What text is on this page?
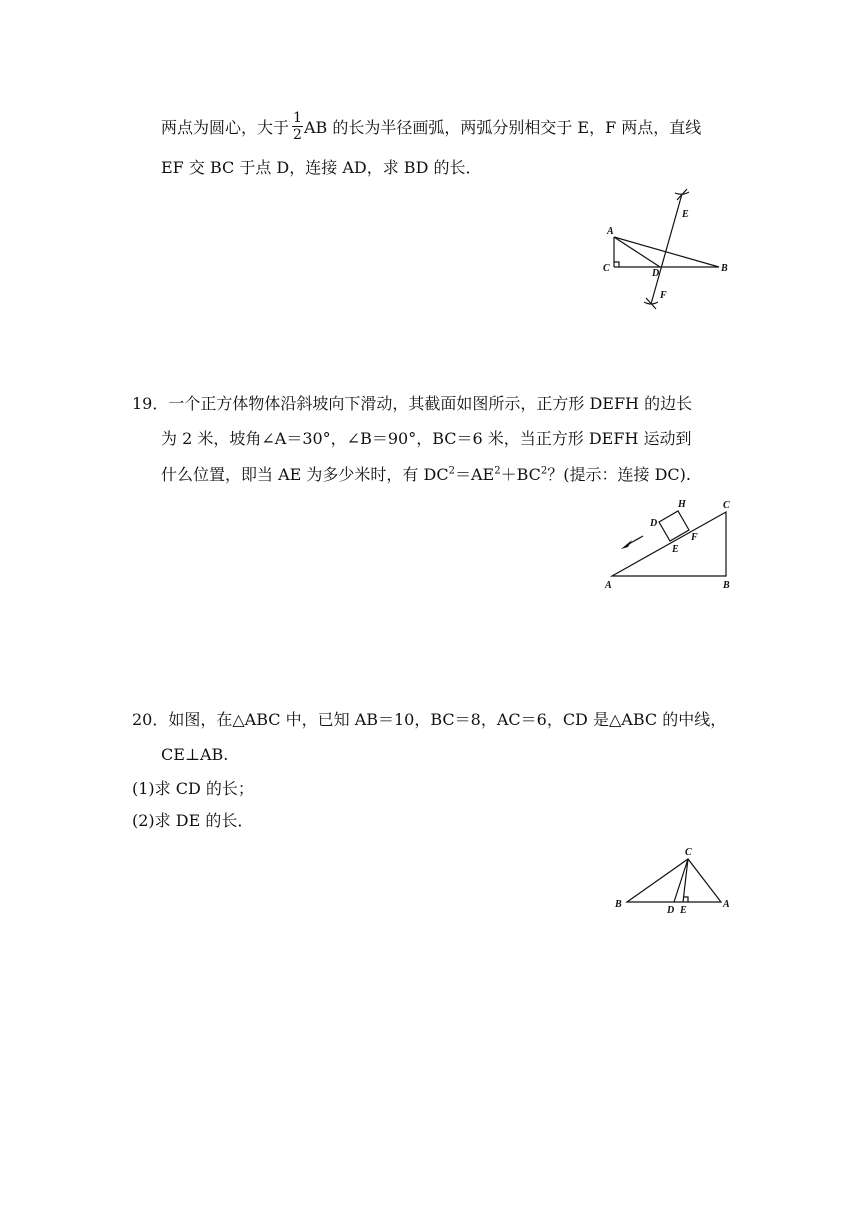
两点为圆心，大于 $\frac{1}{2}$ AB 的长为半径画弧，两弧分别相交于 E，F 两点，直线
EF 交 BC 于点 D，连接 AD，求 BD 的长．
A
C	D	B
E
F
19．一个正方体物体沿斜坡向下滑动，其截面如图所示，正方形 DEFH 的边长
为 2 米，坡角∠A＝30°，∠B＝90°，BC＝6 米，当正方形 DEFH 运动到
什么位置，即当 AE 为多少米时，有 $DC^2=AE^2+BC^2$？(提示：连接 DC).
H
D
E
F
C
A	B
20．如图，在△ABC 中，已知 AB＝10，BC＝8，AC＝6，CD 是△ABC 的中线，
CE⊥AB.
(1)求 CD 的长；
(2)求 DE 的长．
C
B
D E
A
